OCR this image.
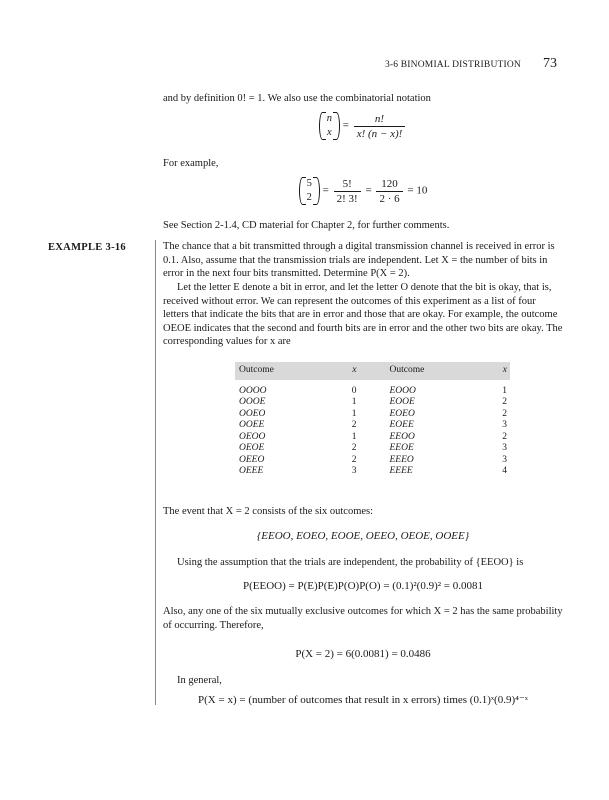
3-6 BINOMIAL DISTRIBUTION 73
and by definition 0! = 1. We also use the combinatorial notation
n
x
= $\frac{n!}{x! (n - x)!}$
For example,
5
2
= $\frac{5!}{2! 3!} = \frac{120}{2 \cdot 6} = 10$
See Section 2-1.4, CD material for Chapter 2, for further comments.
EXAMPLE 3-16	The chance that a bit transmitted through a digital transmission channel is received in error is 0.1. Also, assume that the transmission trials are independent. Let X = the number of bits in error in the next four bits transmitted. Determine P(X = 2).
Let the letter E denote a bit in error, and let the letter O denote that the bit is okay, that is, received without error. We can represent the outcomes of this experiment as a list of four letters that indicate the bits that are in error and those that are okay. For example, the outcome OEOE indicates that the second and fourth bits are in error and the other two bits are okay. The corresponding values for x are
Outcome	x		Outcome	x
OOOO	0		EOOO	1
OOOE	1		EOOE	2
OOEO	1		EOEO	2
OOEE	2		EOEE	3
OEOO	1		EEOO	2
OEOE	2		EEOE	3
OEEO	2		EEEO	3
OEEE	3		EEEE	4
The event that X = 2 consists of the six outcomes:
{EEOO, EOEO, EOOE, OEEO, OEOE, OOEE}
Using the assumption that the trials are independent, the probability of {EEOO} is
P(EEOO) = P(E)P(E)P(O)P(O) = (0.1)²(0.9)² = 0.0081
Also, any one of the six mutually exclusive outcomes for which X = 2 has the same probability of occurring. Therefore,
P(X = 2) = 6(0.0081) = 0.0486
In general,
P(X = x) = (number of outcomes that result in x errors) times (0.1)ˣ(0.9)⁴⁻ˣ
